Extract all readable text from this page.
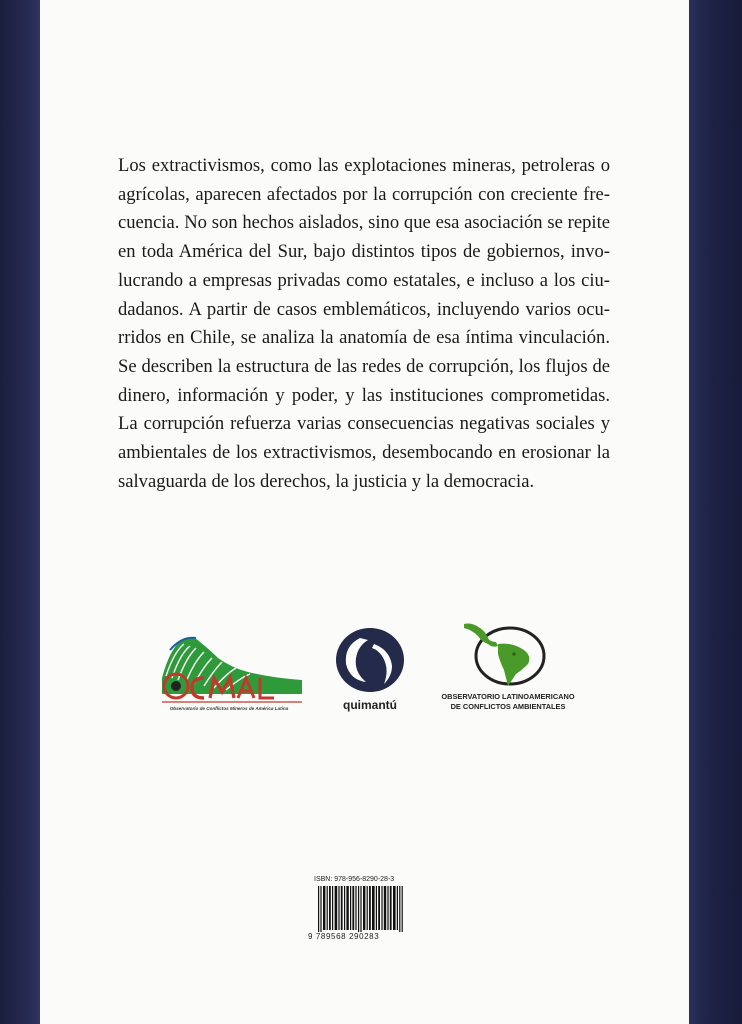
Los extractivismos, como las explotaciones mineras, petroleras o agrícolas, aparecen afectados por la corrupción con creciente frecuencia. No son hechos aislados, sino que esa asociación se repite en toda América del Sur, bajo distintos tipos de gobiernos, involucrando a empresas privadas como estatales, e incluso a los ciudadanos. A partir de casos emblemáticos, incluyendo varios ocurridos en Chile, se analiza la anatomía de esa íntima vinculación. Se describen la estructura de las redes de corrupción, los flujos de dinero, información y poder, y las instituciones comprometidas. La corrupción refuerza varias consecuencias negativas sociales y ambientales de los extractivismos, desembocando en erosionar la salvaguarda de los derechos, la justicia y la democracia.

Observatorio de Conflictos Mineros de América Latina	quimantú
OBSERVATORIO LATINOAMERICANO
DE CONFLICTOS AMBIENTALES
ISBN: 978-956-8290-28-3
9 789568 290283
